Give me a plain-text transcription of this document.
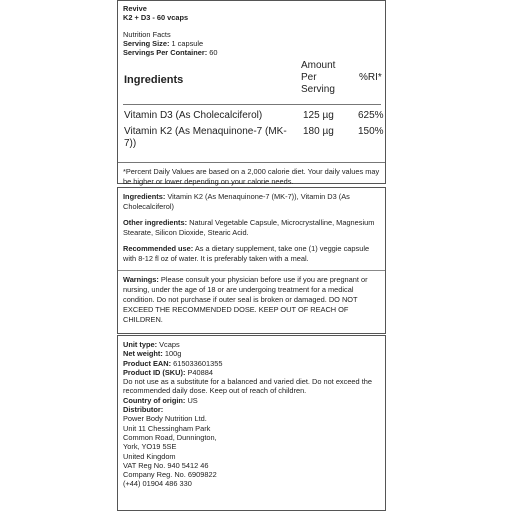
Revive

K2 + D3 - 60 vcaps

Nutrition Facts

Serving Size: 1 capsule

Servings Per Container: 60

Ingredients
Amount Per Serving
%RI*
Vitamin D3 (As Cholecalciferol)	125 µg 625%
Vitamin K2 (As Menaquinone-7 (MK-7))
180 µg 150%

*Percent Daily Values are based on a 2,000 calorie diet. Your daily values may be higher or lower depending on your calorie needs.

Ingredients: Vitamin K2 (As Menaquinone-7 (MK-7)), Vitamin D3 (As Cholecalciferol)

Other ingredients: Natural Vegetable Capsule, Microcrystalline, Magnesium Stearate, Silicon Dioxide, Stearic Acid.

Recommended use: As a dietary supplement, take one (1) veggie capsule with 8-12 fl oz of water. It is preferably taken with a meal.

Warnings: Please consult your physician before use if you are pregnant or nursing, under the age of 18 or are undergoing treatment for a medical condition. Do not purchase if outer seal is broken or damaged. DO NOT EXCEED THE RECOMMENDED DOSE. KEEP OUT OF REACH OF CHILDREN.

Unit type: Vcaps

Net weight: 100g

Product EAN: 615033601355

Product ID (SKU): P40884

Do not use as a substitute for a balanced and varied diet. Do not exceed the recommended daily dose. Keep out of reach of children.

Country of origin: US

Distributor:

Power Body Nutrition Ltd.

Unit 11 Chessingham Park

Common Road, Dunnington,

York, YO19 5SE

United Kingdom

VAT Reg No. 940 5412 46

Company Reg. No. 6909822

(+44) 01904 486 330
